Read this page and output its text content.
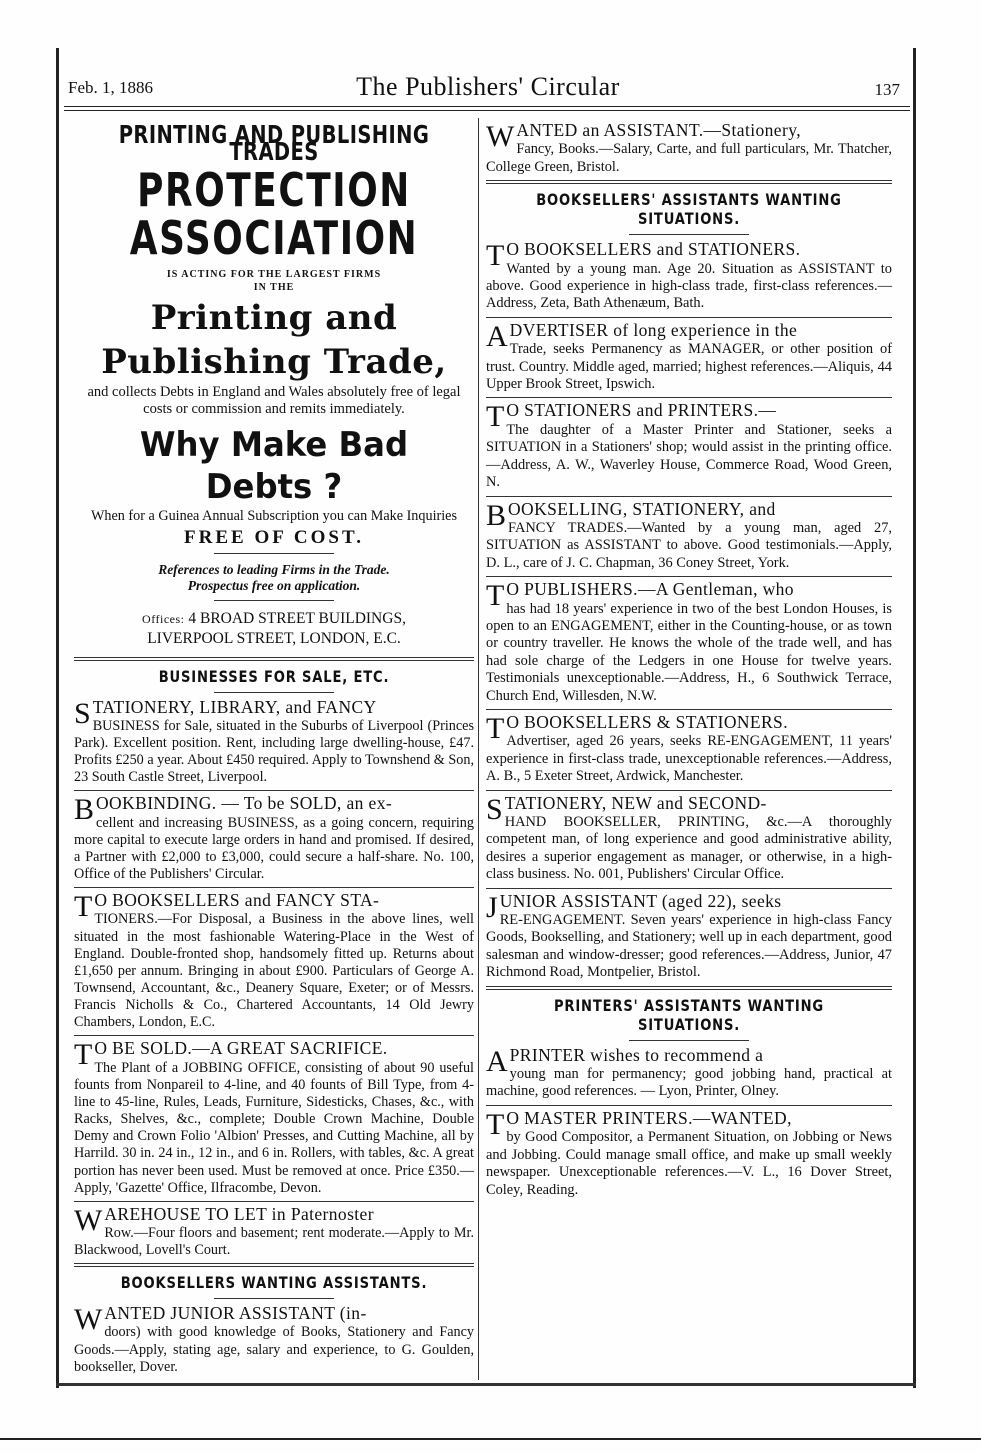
Feb. 1, 1886	The Publishers' Circular	137
PRINTING AND PUBLISHING TRADES
PROTECTION ASSOCIATION
IS ACTING FOR THE LARGEST FIRMS
IN THE
Printing and Publishing Trade,
and collects Debts in England and Wales absolutely free of legal costs or commission and remits immediately.
Why Make Bad Debts ?
When for a Guinea Annual Subscription you can Make Inquiries
FREE OF COST.
References to leading Firms in the Trade.
Prospectus free on application.
Offices: 4 BROAD STREET BUILDINGS,
LIVERPOOL STREET, LONDON, E.C.
BUSINESSES FOR SALE, ETC.
S TATIONERY, LIBRARY, and FANCY
BUSINESS for Sale, situated in the Suburbs of Liverpool (Princes Park). Excellent position. Rent, including large dwelling-house, £47. Profits £250 a year. About £450 required. Apply to Townshend & Son, 23 South Castle Street, Liverpool.

B OOKBINDING. — To be SOLD, an ex-
cellent and increasing BUSINESS, as a going concern, requiring more capital to execute large orders in hand and promised. If desired, a Partner with £2,000 to £3,000, could secure a half-share. No. 100, Office of the Publishers' Circular.

T O BOOKSELLERS and FANCY STA-
TIONERS.—For Disposal, a Business in the above lines, well situated in the most fashionable Watering-Place in the West of England. Double-fronted shop, handsomely fitted up. Returns about £1,650 per annum. Bringing in about £900. Particulars of George A. Townsend, Accountant, &c., Deanery Square, Exeter; or of Messrs. Francis Nicholls & Co., Chartered Accountants, 14 Old Jewry Chambers, London, E.C.

T O BE SOLD.—A GREAT SACRIFICE.
The Plant of a JOBBING OFFICE, consisting of about 90 useful founts from Nonpareil to 4-line, and 40 founts of Bill Type, from 4-line to 45-line, Rules, Leads, Furniture, Sidesticks, Chases, &c., with Racks, Shelves, &c., complete; Double Crown Machine, Double Demy and Crown Folio 'Albion' Presses, and Cutting Machine, all by Harrild. 30 in. 24 in., 12 in., and 6 in. Rollers, with tables, &c. A great portion has never been used. Must be removed at once. Price £350.—Apply, 'Gazette' Office, Ilfracombe, Devon.

W AREHOUSE TO LET in Paternoster
Row.—Four floors and basement; rent moderate.—Apply to Mr. Blackwood, Lovell's Court.

BOOKSELLERS WANTING ASSISTANTS.
W ANTED JUNIOR ASSISTANT (in-
doors) with good knowledge of Books, Stationery and Fancy Goods.—Apply, stating age, salary and experience, to G. Goulden, bookseller, Dover.

W ANTED an ASSISTANT.—Stationery,
Fancy, Books.—Salary, Carte, and full particulars, Mr. Thatcher, College Green, Bristol.

BOOKSELLERS' ASSISTANTS WANTING SITUATIONS.
T O BOOKSELLERS and STATIONERS.
Wanted by a young man. Age 20. Situation as ASSISTANT to above. Good experience in high-class trade, first-class references.—Address, Zeta, Bath Athenæum, Bath.

A DVERTISER of long experience in the
Trade, seeks Permanency as MANAGER, or other position of trust. Country. Middle aged, married; highest references.—Aliquis, 44 Upper Brook Street, Ipswich.

T O STATIONERS and PRINTERS.—
The daughter of a Master Printer and Stationer, seeks a SITUATION in a Stationers' shop; would assist in the printing office.—Address, A. W., Waverley House, Commerce Road, Wood Green, N.

B OOKSELLING, STATIONERY, and
FANCY TRADES.—Wanted by a young man, aged 27, SITUATION as ASSISTANT to above. Good testimonials.—Apply, D. L., care of J. C. Chapman, 36 Coney Street, York.

T O PUBLISHERS.—A Gentleman, who
has had 18 years' experience in two of the best London Houses, is open to an ENGAGEMENT, either in the Counting-house, or as town or country traveller. He knows the whole of the trade well, and has had sole charge of the Ledgers in one House for twelve years. Testimonials unexceptionable.—Address, H., 6 Southwick Terrace, Church End, Willesden, N.W.

T O BOOKSELLERS & STATIONERS.
Advertiser, aged 26 years, seeks RE-ENGAGEMENT, 11 years' experience in first-class trade, unexceptionable references.—Address, A. B., 5 Exeter Street, Ardwick, Manchester.

S TATIONERY, NEW and SECOND-
HAND BOOKSELLER, PRINTING, &c.—A thoroughly competent man, of long experience and good administrative ability, desires a superior engagement as manager, or otherwise, in a high-class business. No. 001, Publishers' Circular Office.

J UNIOR ASSISTANT (aged 22), seeks
RE-ENGAGEMENT. Seven years' experience in high-class Fancy Goods, Bookselling, and Stationery; well up in each department, good salesman and window-dresser; good references.—Address, Junior, 47 Richmond Road, Montpelier, Bristol.

PRINTERS' ASSISTANTS WANTING SITUATIONS.
A PRINTER wishes to recommend a
young man for permanency; good jobbing hand, practical at machine, good references. — Lyon, Printer, Olney.

T O MASTER PRINTERS.—WANTED,
by Good Compositor, a Permanent Situation, on Jobbing or News and Jobbing. Could manage small office, and make up small weekly newspaper. Unexceptionable references.—V. L., 16 Dover Street, Coley, Reading.
